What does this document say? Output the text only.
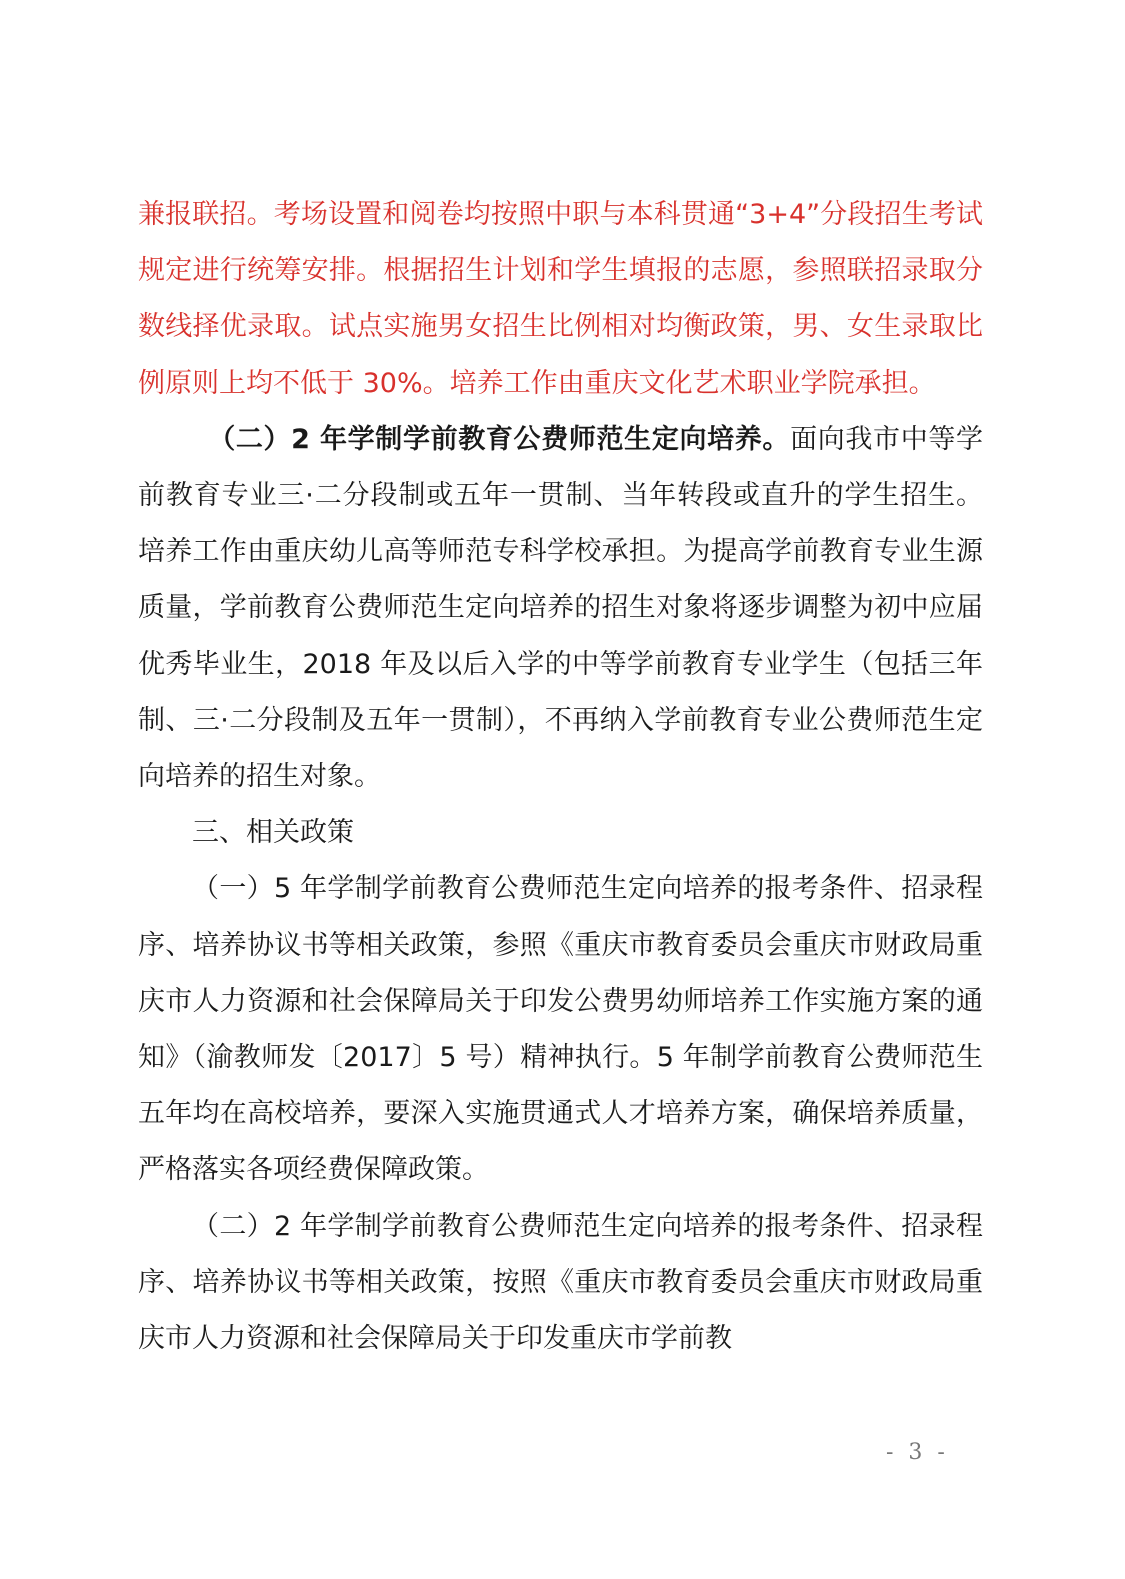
兼报联招。考场设置和阅卷均按照中职与本科贯通“3+4”分段招生考试规定进行统筹安排。根据招生计划和学生填报的志愿，参照联招录取分数线择优录取。试点实施男女招生比例相对均衡政策，男、女生录取比例原则上均不低于 30%。培养工作由重庆文化艺术职业学院承担。

（二）2 年学制学前教育公费师范生定向培养。面向我市中等学前教育专业三·二分段制或五年一贯制、当年转段或直升的学生招生。培养工作由重庆幼儿高等师范专科学校承担。为提高学前教育专业生源质量，学前教育公费师范生定向培养的招生对象将逐步调整为初中应届优秀毕业生，2018 年及以后入学的中等学前教育专业学生（包括三年制、三·二分段制及五年一贯制），不再纳入学前教育专业公费师范生定向培养的招生对象。

三、相关政策

（一）5 年学制学前教育公费师范生定向培养的报考条件、招录程序、培养协议书等相关政策，参照《重庆市教育委员会重庆市财政局重庆市人力资源和社会保障局关于印发公费男幼师培养工作实施方案的通知》（渝教师发〔2017〕5 号）精神执行。5 年制学前教育公费师范生五年均在高校培养，要深入实施贯通式人才培养方案，确保培养质量，严格落实各项经费保障政策。

（二）2 年学制学前教育公费师范生定向培养的报考条件、招录程序、培养协议书等相关政策，按照《重庆市教育委员会重庆市财政局重庆市人力资源和社会保障局关于印发重庆市学前教

- 3 -
